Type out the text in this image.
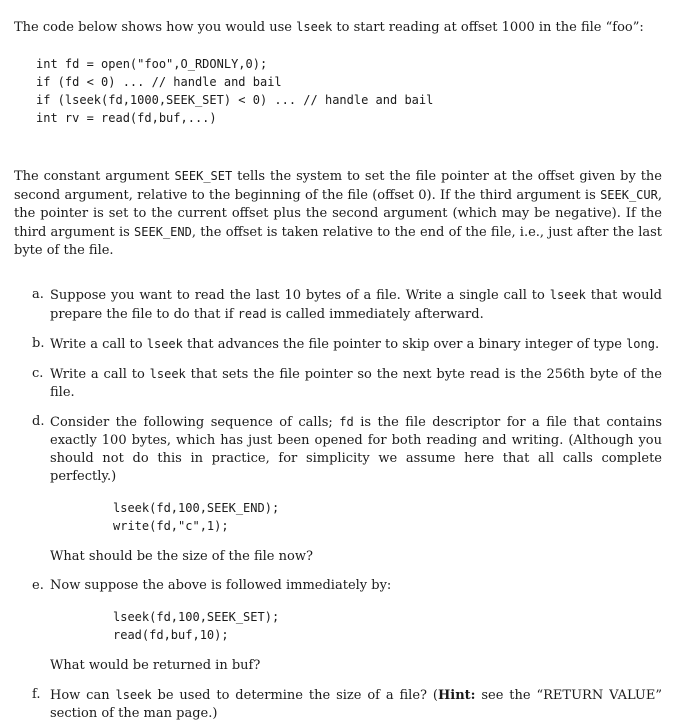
The code below shows how you would use lseek to start reading at offset 1000 in the file “foo”:

int fd = open("foo",O_RDONLY,0);
if (fd < 0) ... // handle and bail
if (lseek(fd,1000,SEEK_SET) < 0) ... // handle and bail
int rv = read(fd,buf,...)

The constant argument SEEK_SET tells the system to set the file pointer at the offset given by the second argument, relative to the beginning of the file (offset 0). If the third argument is SEEK_CUR, the pointer is set to the current offset plus the second argument (which may be negative). If the third argument is SEEK_END, the offset is taken relative to the end of the file, i.e., just after the last byte of the file.

a. Suppose you want to read the last 10 bytes of a file. Write a single call to lseek that would prepare the file to do that if read is called immediately afterward.
b. Write a call to lseek that advances the file pointer to skip over a binary integer of type long.
c. Write a call to lseek that sets the file pointer so the next byte read is the 256th byte of the file.
d. Consider the following sequence of calls; fd is the file descriptor for a file that contains exactly 100 bytes, which has just been opened for both reading and writing. (Although you should not do this in practice, for simplicity we assume here that all calls complete perfectly.)
lseek(fd,100,SEEK_END);
write(fd,"c",1);
What should be the size of the file now?
e. Now suppose the above is followed immediately by:
lseek(fd,100,SEEK_SET);
read(fd,buf,10);
What would be returned in buf?
f. How can lseek be used to determine the size of a file? (Hint: see the “RETURN VALUE” section of the man page.)
